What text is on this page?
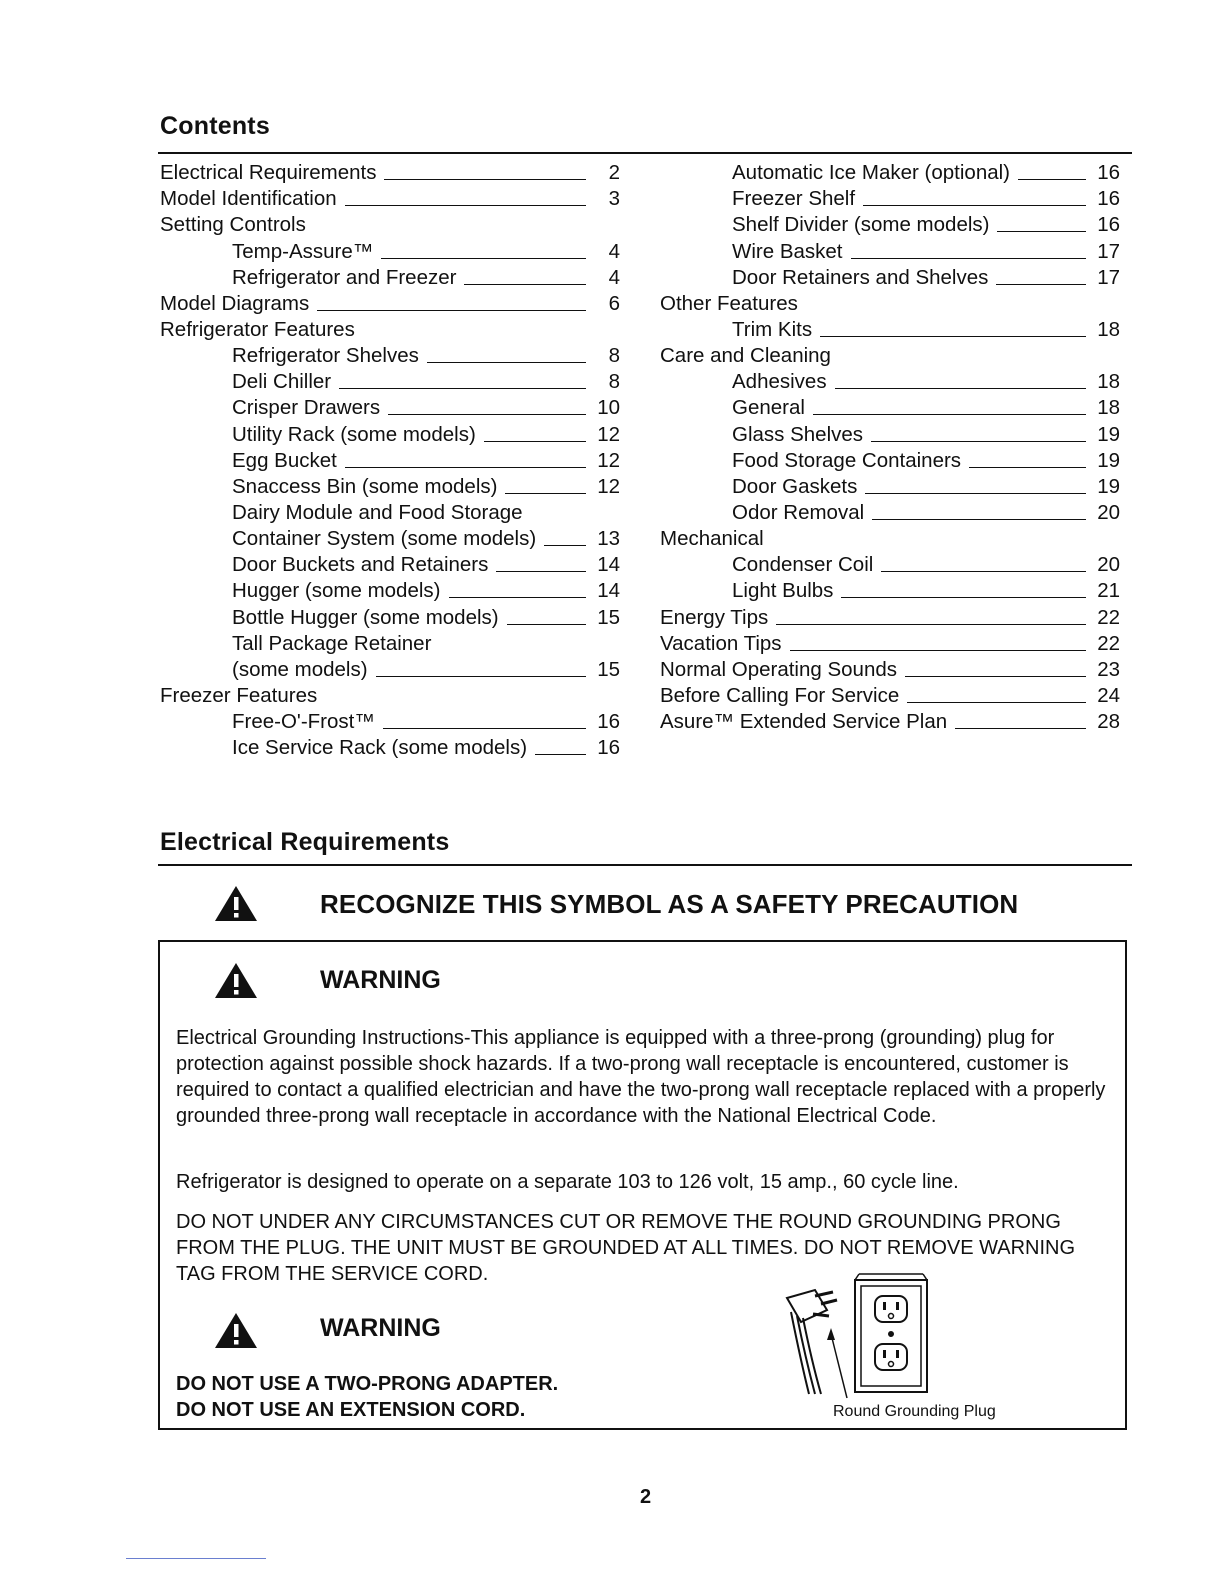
Contents
Electrical Requirements	2
Model Identification	3
Setting Controls
Temp-Assure™	4
Refrigerator and Freezer	4
Model Diagrams	6
Refrigerator Features
Refrigerator Shelves	8
Deli Chiller	8
Crisper Drawers	10
Utility Rack (some models)	12
Egg Bucket	12
Snaccess Bin (some models)	12
Dairy Module and Food Storage
Container System (some models)	13
Door Buckets and Retainers	14
Hugger (some models)	14
Bottle Hugger (some models)	15
Tall Package Retainer
(some models)	15
Freezer Features
Free-O'-Frost™	16
Ice Service Rack (some models)	16
Automatic Ice Maker (optional)	16
Freezer Shelf	16
Shelf Divider (some models)	16
Wire Basket	17
Door Retainers and Shelves	17
Other Features
Trim Kits	18
Care and Cleaning
Adhesives	18
General	18
Glass Shelves	19
Food Storage Containers	19
Door Gaskets	19
Odor Removal	20
Mechanical
Condenser Coil	20
Light Bulbs	21
Energy Tips	22
Vacation Tips	22
Normal Operating Sounds	23
Before Calling For Service	24
Asure™ Extended Service Plan	28
Electrical Requirements
RECOGNIZE THIS SYMBOL AS A SAFETY PRECAUTION
WARNING
Electrical Grounding Instructions-This appliance is equipped with a three-prong (grounding) plug for protection against possible shock hazards. If a two-prong wall receptacle is encountered, customer is required to contact a qualified electrician and have the two-prong wall receptacle replaced with a properly grounded three-prong wall receptacle in accordance with the National Electrical Code.
Refrigerator is designed to operate on a separate 103 to 126 volt, 15 amp., 60 cycle line.
DO NOT UNDER ANY CIRCUMSTANCES CUT OR REMOVE THE ROUND GROUNDING PRONG FROM THE PLUG. THE UNIT MUST BE GROUNDED AT ALL TIMES. DO NOT REMOVE WARNING TAG FROM THE SERVICE CORD.
WARNING
DO NOT USE A TWO-PRONG ADAPTER.
DO NOT USE AN EXTENSION CORD.	Round Grounding Plug
2
